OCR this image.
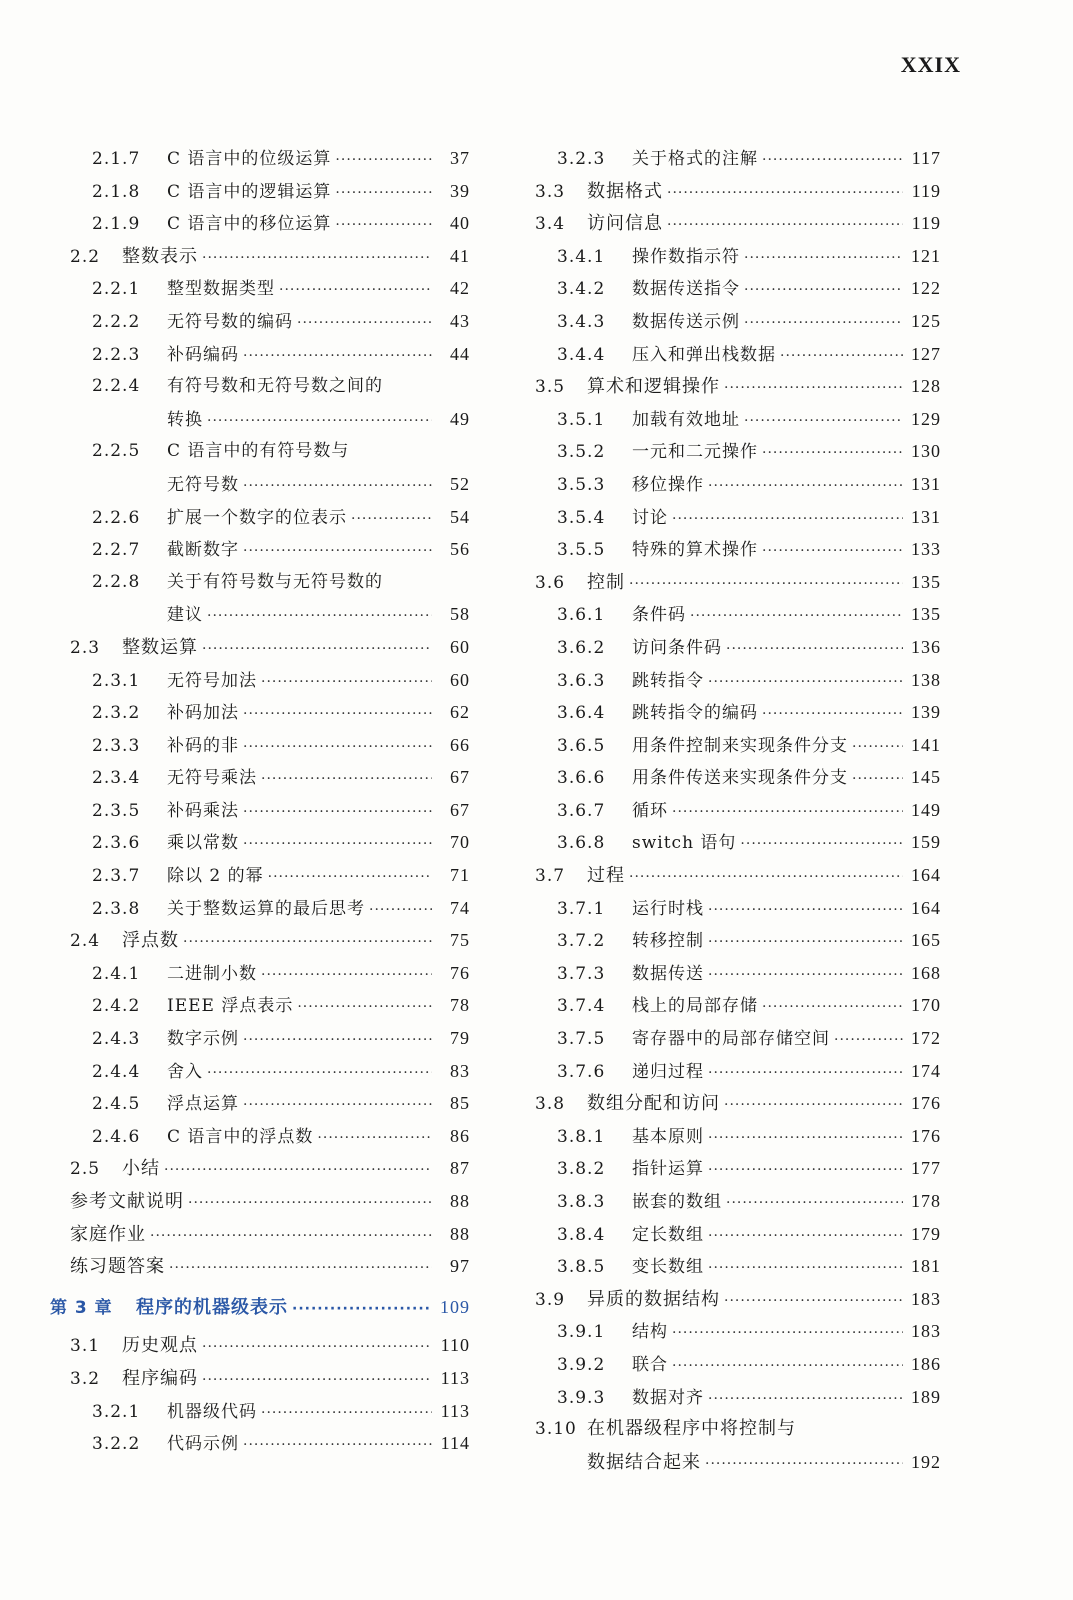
XXIX
2.1.7	C 语言中的位级运算 ·····	37
2.1.8	C 语言中的逻辑运算 ·····	39
2.1.9	C 语言中的移位运算 ·····	40
2.2	整数表示 ·····	41
2.2.1	整型数据类型 ·····	42
2.2.2	无符号数的编码 ·····	43
2.2.3	补码编码 ·····	44
2.2.4	有符号数和无符号数之间的
转换 ·····	49
2.2.5	C 语言中的有符号数与
无符号数 ·····	52
2.2.6	扩展一个数字的位表示 ·····	54
2.2.7	截断数字 ·····	56
2.2.8	关于有符号数与无符号数的
建议 ·····	58
2.3	整数运算 ·····	60
2.3.1	无符号加法 ·····	60
2.3.2	补码加法 ·····	62
2.3.3	补码的非 ·····	66
2.3.4	无符号乘法 ·····	67
2.3.5	补码乘法 ·····	67
2.3.6	乘以常数 ·····	70
2.3.7	除以 2 的幂 ·····	71
2.3.8	关于整数运算的最后思考 ·····	74
2.4	浮点数 ·····	75
2.4.1	二进制小数 ·····	76
2.4.2	IEEE 浮点表示 ·····	78
2.4.3	数字示例 ·····	79
2.4.4	舍入 ·····	83
2.4.5	浮点运算 ·····	85
2.4.6	C 语言中的浮点数 ·····	86
2.5	小结 ·····	87
参考文献说明 ·····	88
家庭作业 ·····	88
练习题答案 ·····	97
第 3 章	程序的机器级表示 ·····	109
3.1	历史观点 ·····	110
3.2	程序编码 ·····	113
3.2.1	机器级代码 ·····	113
3.2.2	代码示例 ·····	114
3.2.3	关于格式的注解 ·····	117
3.3	数据格式 ·····	119
3.4	访问信息 ·····	119
3.4.1	操作数指示符 ·····	121
3.4.2	数据传送指令 ·····	122
3.4.3	数据传送示例 ·····	125
3.4.4	压入和弹出栈数据 ·····	127
3.5	算术和逻辑操作 ·····	128
3.5.1	加载有效地址 ·····	129
3.5.2	一元和二元操作 ·····	130
3.5.3	移位操作 ·····	131
3.5.4	讨论 ·····	131
3.5.5	特殊的算术操作 ·····	133
3.6	控制 ·····	135
3.6.1	条件码 ·····	135
3.6.2	访问条件码 ·····	136
3.6.3	跳转指令 ·····	138
3.6.4	跳转指令的编码 ·····	139
3.6.5	用条件控制来实现条件分支 ·····	141
3.6.6	用条件传送来实现条件分支 ·····	145
3.6.7	循环 ·····	149
3.6.8	switch 语句 ·····	159
3.7	过程 ·····	164
3.7.1	运行时栈 ·····	164
3.7.2	转移控制 ·····	165
3.7.3	数据传送 ·····	168
3.7.4	栈上的局部存储 ·····	170
3.7.5	寄存器中的局部存储空间 ·····	172
3.7.6	递归过程 ·····	174
3.8	数组分配和访问 ·····	176
3.8.1	基本原则 ·····	176
3.8.2	指针运算 ·····	177
3.8.3	嵌套的数组 ·····	178
3.8.4	定长数组 ·····	179
3.8.5	变长数组 ·····	181
3.9	异质的数据结构 ·····	183
3.9.1	结构 ·····	183
3.9.2	联合 ·····	186
3.9.3	数据对齐 ·····	189
3.10 在机器级程序中将控制与
数据结合起来 ·····	192
